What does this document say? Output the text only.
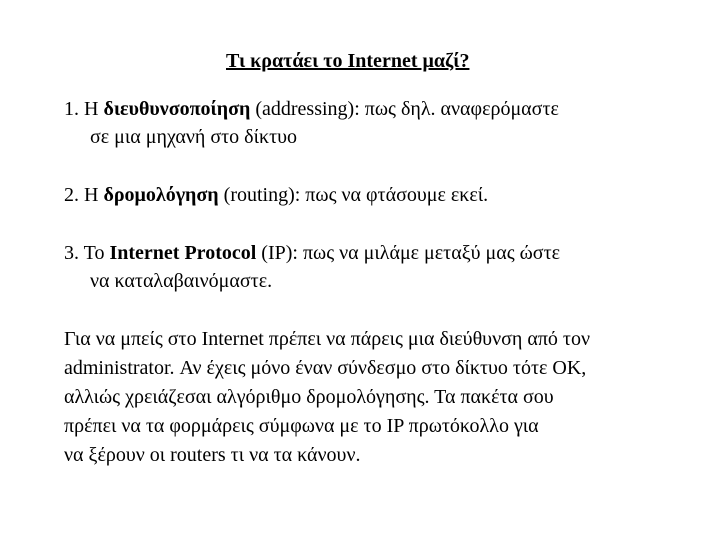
Τι κρατάει το Internet μαζί?
1. Η διευθυνσοποίηση (addressing): πως δηλ. αναφερόμαστε
σε μια μηχανή στο δίκτυο
2. Η δρομολόγηση (routing): πως να φτάσουμε εκεί.
3. Το Internet Protocol (IP): πως να μιλάμε μεταξύ μας ώστε
να καταλαβαινόμαστε.
Για να μπείς στο Internet πρέπει να πάρεις μια διεύθυνση από τον
administrator. Αν έχεις μόνο έναν σύνδεσμο στο δίκτυο τότε ΟΚ,
αλλιώς χρειάζεσαι αλγόριθμο δρομολόγησης. Τα πακέτα σου
πρέπει να τα φορμάρεις σύμφωνα με το IP πρωτόκολλο για
να ξέρουν οι routers τι να τα κάνουν.
